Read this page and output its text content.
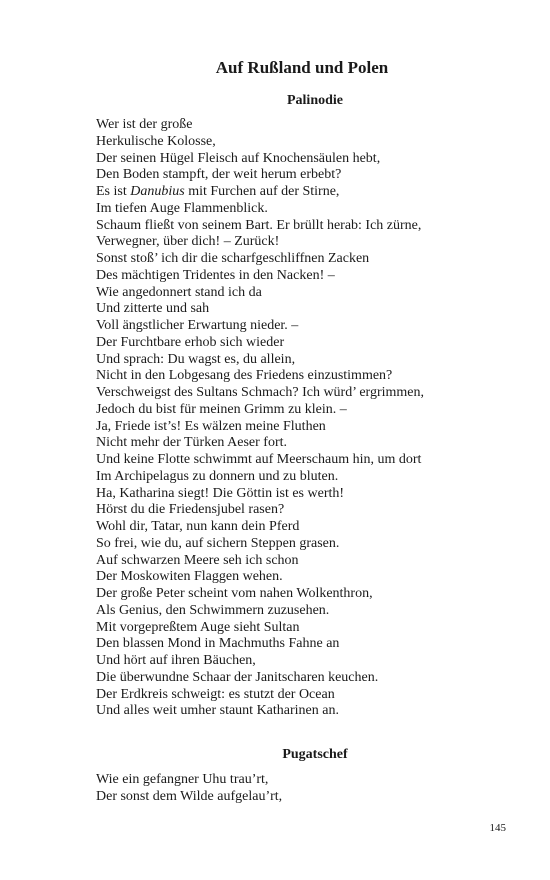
Auf Rußland und Polen
Palinodie
Wer ist der große
Herkulische Kolosse,
Der seinen Hügel Fleisch auf Knochensäulen hebt,
Den Boden stampft, der weit herum erbebt?
Es ist Danubius mit Furchen auf der Stirne,
Im tiefen Auge Flammenblick.
Schaum fließt von seinem Bart. Er brüllt herab: Ich zürne,
Verwegner, über dich! – Zurück!
Sonst stoß’ ich dir die scharfgeschliffnen Zacken
Des mächtigen Tridentes in den Nacken! –
Wie angedonnert stand ich da
Und zitterte und sah
Voll ängstlicher Erwartung nieder. –
Der Furchtbare erhob sich wieder
Und sprach: Du wagst es, du allein,
Nicht in den Lobgesang des Friedens einzustimmen?
Verschweigst des Sultans Schmach? Ich würd’ ergrimmen,
Jedoch du bist für meinen Grimm zu klein. –
Ja, Friede ist’s! Es wälzen meine Fluthen
Nicht mehr der Türken Aeser fort.
Und keine Flotte schwimmt auf Meerschaum hin, um dort
Im Archipelagus zu donnern und zu bluten.
Ha, Katharina siegt! Die Göttin ist es werth!
Hörst du die Friedensjubel rasen?
Wohl dir, Tatar, nun kann dein Pferd
So frei, wie du, auf sichern Steppen grasen.
Auf schwarzen Meere seh ich schon
Der Moskowiten Flaggen wehen.
Der große Peter scheint vom nahen Wolkenthron,
Als Genius, den Schwimmern zuzusehen.
Mit vorgepreßtem Auge sieht Sultan
Den blassen Mond in Machmuths Fahne an
Und hört auf ihren Bäuchen,
Die überwundne Schaar der Janitscharen keuchen.
Der Erdkreis schweigt: es stutzt der Ocean
Und alles weit umher staunt Katharinen an.
Pugatschef
Wie ein gefangner Uhu trau’rt,
Der sonst dem Wilde aufgelau’rt,
145
